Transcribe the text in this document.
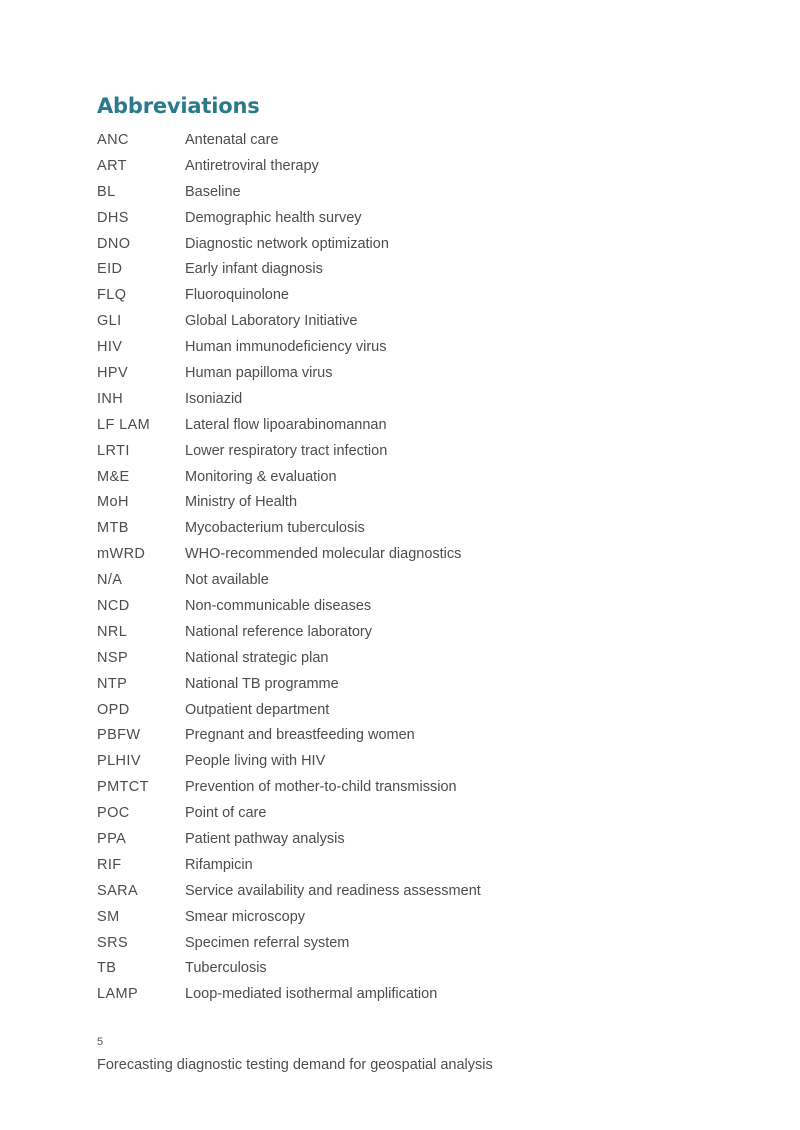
Abbreviations
ANC	Antenatal care
ART	Antiretroviral therapy
BL	Baseline
DHS	Demographic health survey
DNO	Diagnostic network optimization
EID	Early infant diagnosis
FLQ	Fluoroquinolone
GLI	Global Laboratory Initiative
HIV	Human immunodeficiency virus
HPV	Human papilloma virus
INH	Isoniazid
LF LAM	Lateral flow lipoarabinomannan
LRTI	Lower respiratory tract infection
M&E	Monitoring & evaluation
MoH	Ministry of Health
MTB	Mycobacterium tuberculosis
mWRD	WHO-recommended molecular diagnostics
N/A	Not available
NCD	Non-communicable diseases
NRL	National reference laboratory
NSP	National strategic plan
NTP	National TB programme
OPD	Outpatient department
PBFW	Pregnant and breastfeeding women
PLHIV	People living with HIV
PMTCT	Prevention of mother-to-child transmission
POC	Point of care
PPA	Patient pathway analysis
RIF	Rifampicin
SARA	Service availability and readiness assessment
SM	Smear microscopy
SRS	Specimen referral system
TB	Tuberculosis
LAMP	Loop-mediated isothermal amplification
5
Forecasting diagnostic testing demand for geospatial analysis
